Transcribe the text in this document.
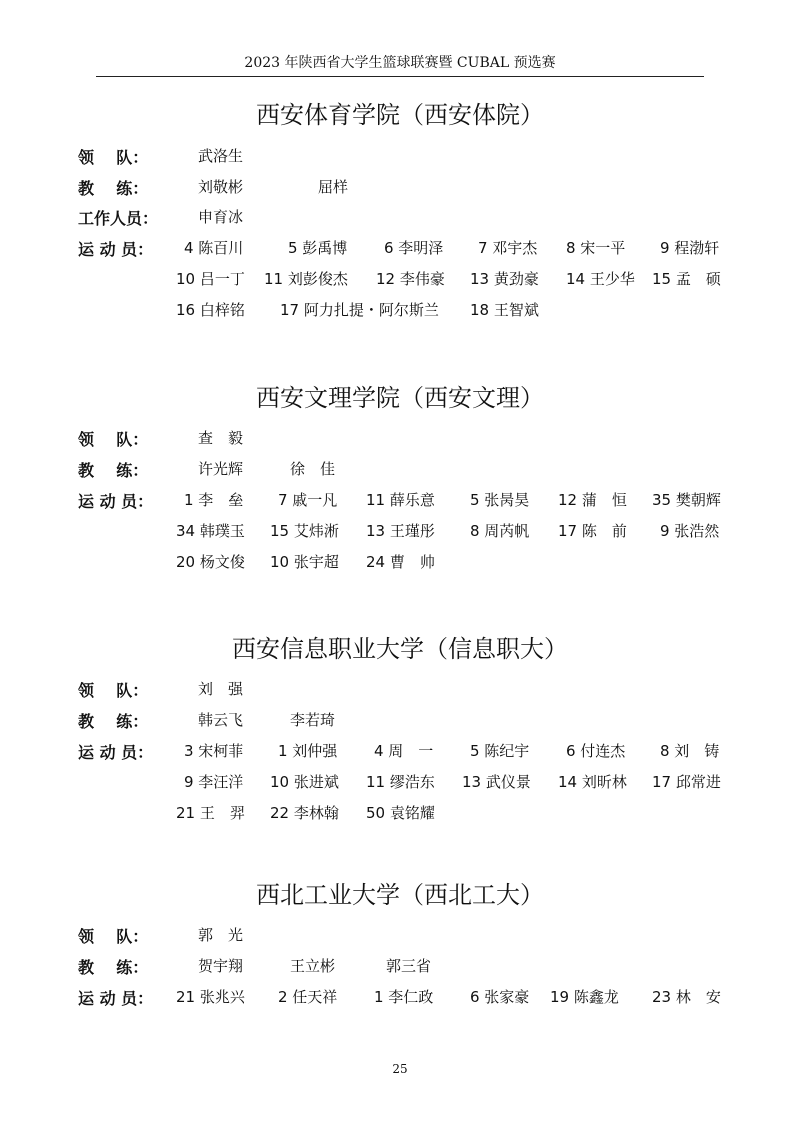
2023 年陕西省大学生篮球联赛暨 CUBAL 预选赛
西安体育学院（西安体院）
领    队：	武洛生
教    练：	刘敬彬	屈样
工作人员：	申育冰
运 动 员： 4 陈百川	5 彭禹博 6 李明泽 7 邓宇杰 8 宋一平 9 程渤轩
10 吕一丁 11 刘彭俊杰 12 李伟豪 13 黄劲豪 14 王少华 15 孟　硕
16 白梓铭 17 阿力扎提・阿尔斯兰 18 王智斌
西安文理学院（西安文理）
领    队：	查　毅
教    练：	许光辉	徐　佳
运 动 员： 1 李　垒 7 戚一凡 11 薛乐意 5 张昺昊 12 蒲　恒 35 樊朝辉
34 韩璞玉 15 艾炜淅 13 王瑾彤 8 周芮帆 17 陈　前 9 张浩然
20 杨文俊 10 张宇超 24 曹　帅
西安信息职业大学（信息职大）
领    队：	刘　强
教    练：	韩云飞	李若琦
运 动 员： 3 宋柯菲 1 刘仲强 4 周　一 5 陈纪宇 6 付连杰 8 刘　铸
9 李汪洋 10 张进斌 11 缪浩东 13 武仪景 14 刘昕林 17 邱常进
21 王　羿 22 李林翰 50 袁铭耀
西北工业大学（西北工大）
领    队：	郭　光
教    练：	贺宇翔	王立彬	郭三省
运 动 员： 21 张兆兴 2 任天祥 1 李仁政 6 张家豪 19 陈鑫龙 23 林　安
25
